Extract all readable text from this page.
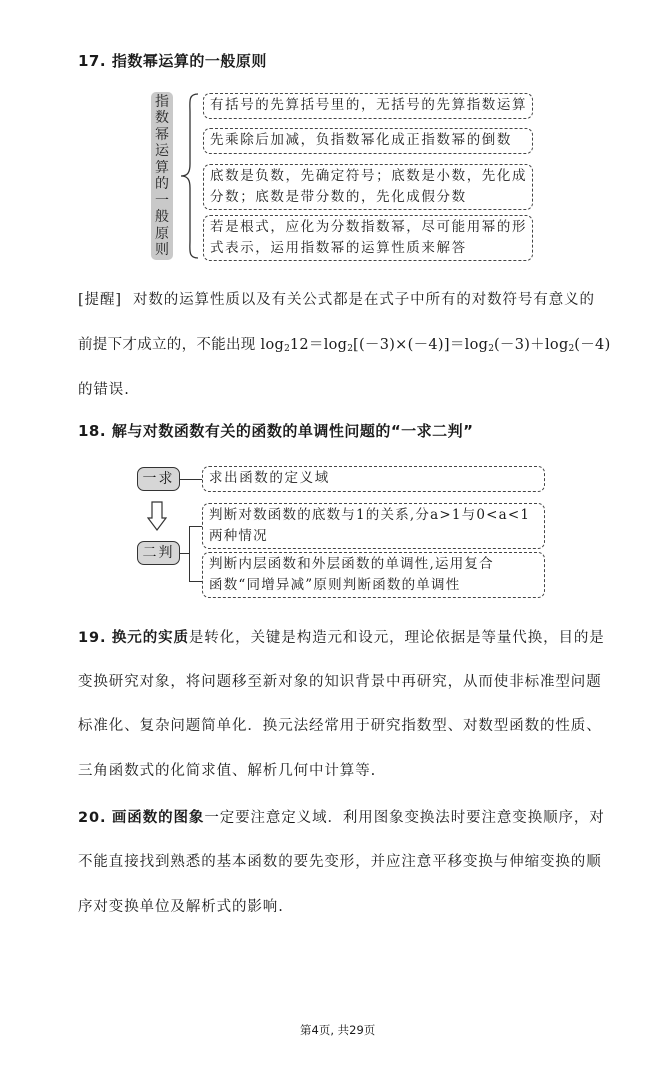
17. 指数幂运算的一般原则
指
数
幂
运
算
的
一
般
原
则
有括号的先算括号里的，无括号的先算指数运算
先乘除后加减，负指数幂化成正指数幂的倒数
底数是负数，先确定符号；底数是小数，先化成
分数；底数是带分数的，先化成假分数
若是根式，应化为分数指数幂，尽可能用幂的形
式表示，运用指数幂的运算性质来解答
[提醒] 对数的运算性质以及有关公式都是在式子中所有的对数符号有意义的
前提下才成立的，不能出现 $\log_212=\log_2[(-3)\times(-4)]=\log_2(-3)+\log_2(-4)$
的错误.
18. 解与对数函数有关的函数的单调性问题的“一求二判”
一求	求出函数的定义域
二判
判断对数函数的底数与1的关系,分a>1与0<a<1
两种情况
判断内层函数和外层函数的单调性,运用复合
函数“同增异减”原则判断函数的单调性
19. 换元的实质是转化，关键是构造元和设元，理论依据是等量代换，目的是
变换研究对象，将问题移至新对象的知识背景中再研究，从而使非标准型问题
标准化、复杂问题简单化．换元法经常用于研究指数型、对数型函数的性质、
三角函数式的化简求值、解析几何中计算等.
20. 画函数的图象一定要注意定义域．利用图象变换法时要注意变换顺序，对
不能直接找到熟悉的基本函数的要先变形，并应注意平移变换与伸缩变换的顺
序对变换单位及解析式的影响.
第4页, 共29页
